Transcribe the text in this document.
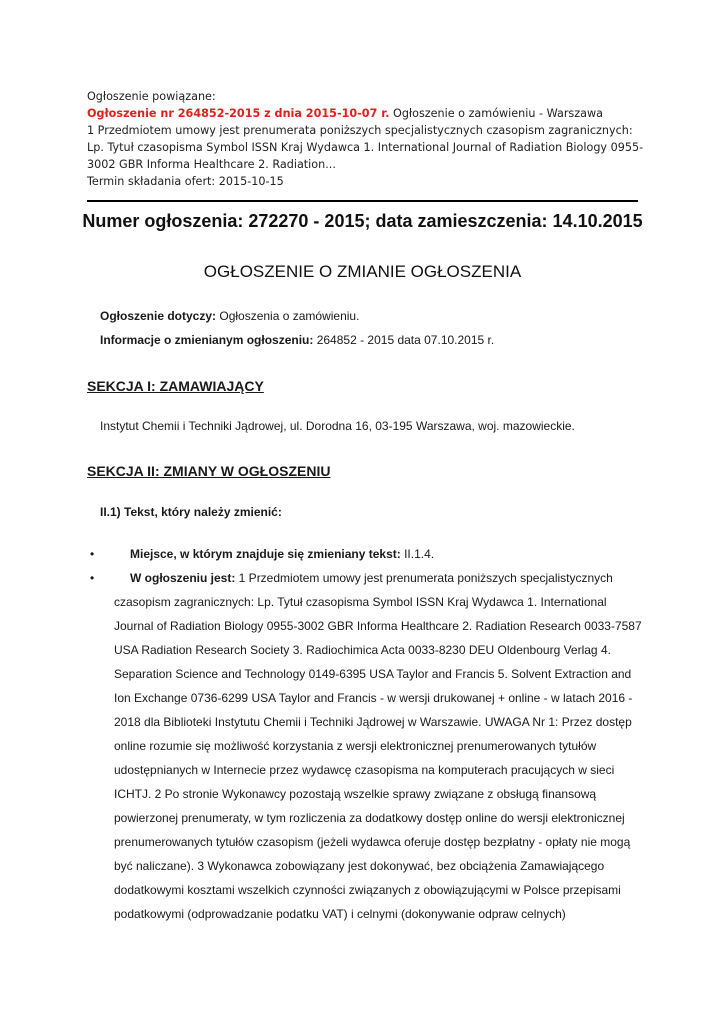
Ogłoszenie powiązane:

Ogłoszenie nr 264852-2015 z dnia 2015-10-07 r. Ogłoszenie o zamówieniu - Warszawa

1 Przedmiotem umowy jest prenumerata poniższych specjalistycznych czasopism zagranicznych: Lp. Tytuł czasopisma Symbol ISSN Kraj Wydawca 1. International Journal of Radiation Biology 0955-3002 GBR Informa Healthcare 2. Radiation...

Termin składania ofert: 2015-10-15

Numer ogłoszenia: 272270 - 2015; data zamieszczenia: 14.10.2015
OGŁOSZENIE O ZMIANIE OGŁOSZENIA
Ogłoszenie dotyczy: Ogłoszenia o zamówieniu.
Informacje o zmienianym ogłoszeniu: 264852 - 2015 data 07.10.2015 r.
SEKCJA I: ZAMAWIAJĄCY
Instytut Chemii i Techniki Jądrowej, ul. Dorodna 16, 03-195 Warszawa, woj. mazowieckie.
SEKCJA II: ZMIANY W OGŁOSZENIU
II.1) Tekst, który należy zmienić:
•	Miejsce, w którym znajduje się zmieniany tekst: II.1.4.
•	W ogłoszeniu jest: 1 Przedmiotem umowy jest prenumerata poniższych specjalistycznych czasopism zagranicznych: Lp. Tytuł czasopisma Symbol ISSN Kraj Wydawca 1. International Journal of Radiation Biology 0955-3002 GBR Informa Healthcare 2. Radiation Research 0033-7587 USA Radiation Research Society 3. Radiochimica Acta 0033-8230 DEU Oldenbourg Verlag 4. Separation Science and Technology 0149-6395 USA Taylor and Francis 5. Solvent Extraction and Ion Exchange 0736-6299 USA Taylor and Francis - w wersji drukowanej + online - w latach 2016 - 2018 dla Biblioteki Instytutu Chemii i Techniki Jądrowej w Warszawie. UWAGA Nr 1: Przez dostęp online rozumie się możliwość korzystania z wersji elektronicznej prenumerowanych tytułów udostępnianych w Internecie przez wydawcę czasopisma na komputerach pracujących w sieci ICHTJ. 2 Po stronie Wykonawcy pozostają wszelkie sprawy związane z obsługą finansową powierzonej prenumeraty, w tym rozliczenia za dodatkowy dostęp online do wersji elektronicznej prenumerowanych tytułów czasopism (jeżeli wydawca oferuje dostęp bezpłatny - opłaty nie mogą być naliczane). 3 Wykonawca zobowiązany jest dokonywać, bez obciążenia Zamawiającego dodatkowymi kosztami wszelkich czynności związanych z obowiązującymi w Polsce przepisami podatkowymi (odprowadzanie podatku VAT) i celnymi (dokonywanie odpraw celnych)
